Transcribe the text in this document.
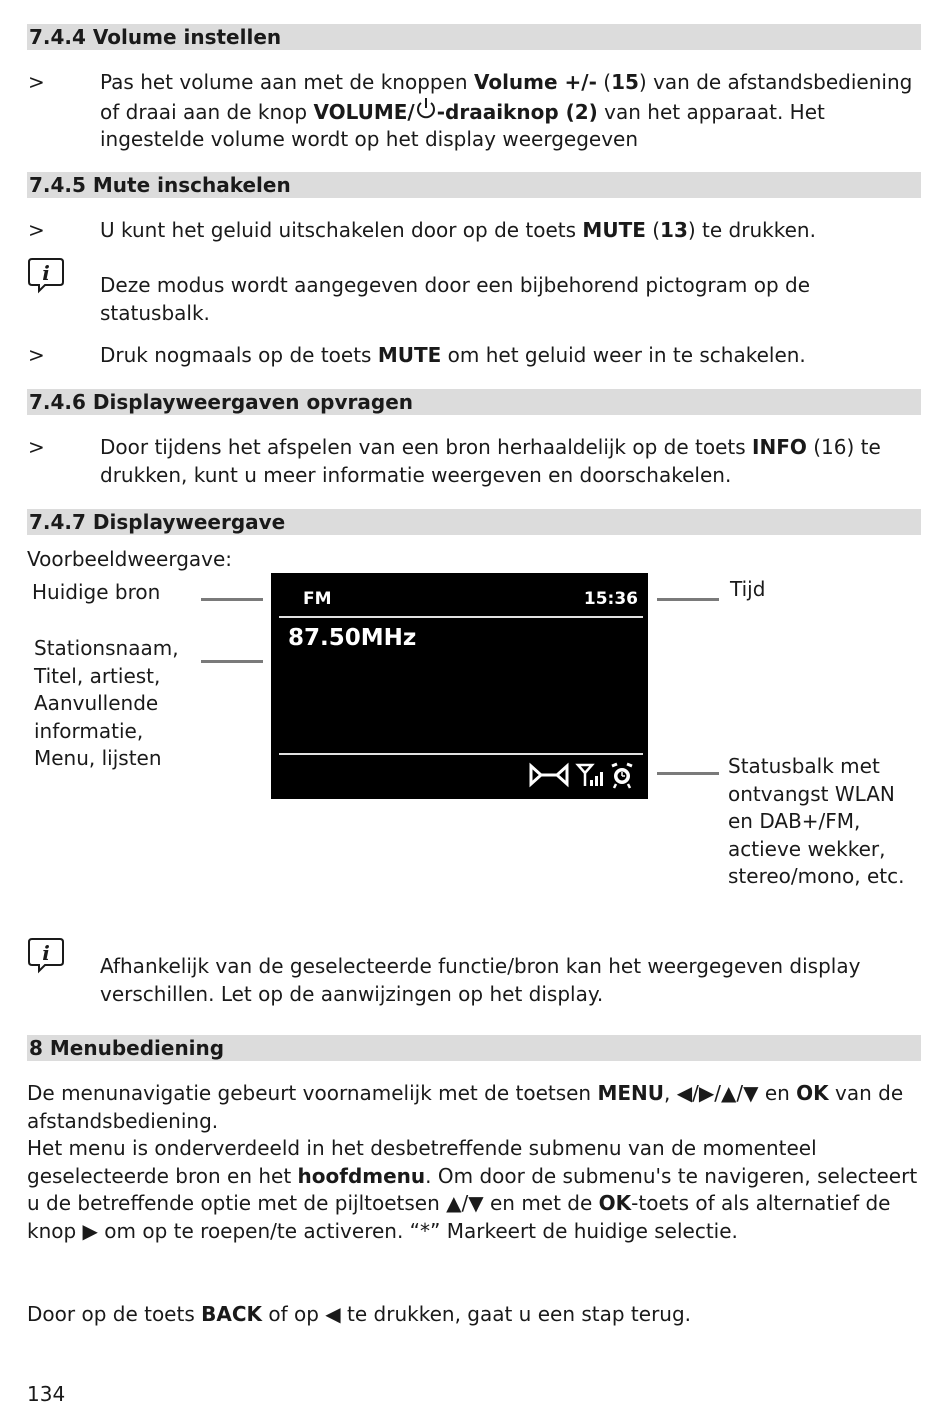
7.4.4 Volume instellen
>	Pas het volume aan met de knoppen Volume +/- (15) van de afstandsbediening of draai aan de knop VOLUME/ -draaiknop (2) van het apparaat. Het ingestelde volume wordt op het display weergegeven
7.4.5 Mute inschakelen
>	U kunt het geluid uitschakelen door op de toets MUTE (13) te drukken.
i	Deze modus wordt aangegeven door een bijbehorend pictogram op de statusbalk.
>	Druk nogmaals op de toets MUTE om het geluid weer in te schakelen.
7.4.6 Displayweergaven opvragen
>	Door tijdens het afspelen van een bron herhaaldelijk op de toets INFO (16) te drukken, kunt u meer informatie weergeven en doorschakelen.
7.4.7 Displayweergave
Voorbeeldweergave:
Huidige bron
Stationsnaam,
Titel, artiest,
Aanvullende
informatie,
Menu, lijsten
FM	15:36
87.50MHz
Tijd
Statusbalk met
ontvangst WLAN
en DAB+/FM,
actieve wekker,
stereo/mono, etc.
i
Afhankelijk van de geselecteerde functie/bron kan het weergegeven display verschillen. Let op de aanwijzingen op het display.
8 Menubediening
De menunavigatie gebeurt voornamelijk met de toetsen MENU, ◀/▶/▲/▼ en OK van de afstandsbediening.
Het menu is onderverdeeld in het desbetreffende submenu van de momenteel geselecteerde bron en het hoofdmenu. Om door de submenu's te navigeren, selecteert u de betreffende optie met de pijltoetsen ▲/▼ en met de OK-toets of als alternatief de knop ▶ om op te roepen/te activeren. “*” Markeert de huidige selectie.
Door op de toets BACK of op ◀ te drukken, gaat u een stap terug.
134
